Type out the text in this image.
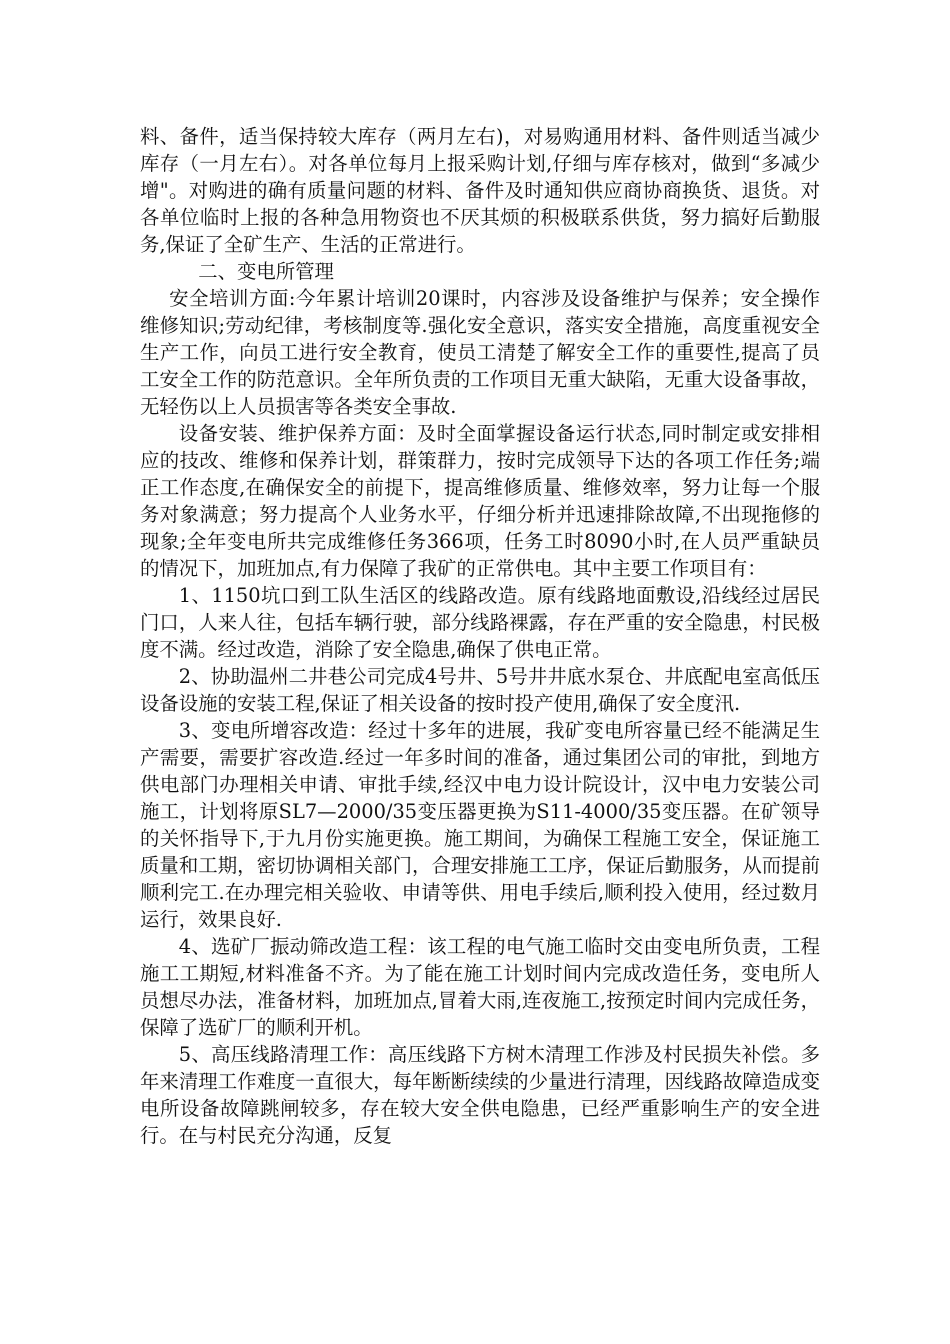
料、备件，适当保持较大库存（两月左右)，对易购通用材料、备件则适当减少库存（一月左右）。对各单位每月上报采购计划,仔细与库存核对，做到“多减少增"。对购进的确有质量问题的材料、备件及时通知供应商协商换货、退货。对各单位临时上报的各种急用物资也不厌其烦的积极联系供货，努力搞好后勤服务,保证了全矿生产、生活的正常进行。

二、变电所管理

安全培训方面:今年累计培训20课时，内容涉及设备维护与保养；安全操作维修知识;劳动纪律，考核制度等.强化安全意识，落实安全措施，高度重视安全生产工作，向员工进行安全教育，使员工清楚了解安全工作的重要性,提高了员工安全工作的防范意识。全年所负责的工作项目无重大缺陷，无重大设备事故，无轻伤以上人员损害等各类安全事故.

设备安装、维护保养方面：及时全面掌握设备运行状态,同时制定或安排相应的技改、维修和保养计划，群策群力，按时完成领导下达的各项工作任务;端正工作态度,在确保安全的前提下，提高维修质量、维修效率，努力让每一个服务对象满意；努力提高个人业务水平，仔细分析并迅速排除故障,不出现拖修的现象;全年变电所共完成维修任务366项，任务工时8090小时,在人员严重缺员的情况下，加班加点,有力保障了我矿的正常供电。其中主要工作项目有：

1、1150坑口到工队生活区的线路改造。原有线路地面敷设,沿线经过居民门口，人来人往，包括车辆行驶，部分线路裸露，存在严重的安全隐患，村民极度不满。经过改造，消除了安全隐患,确保了供电正常。

2、协助温州二井巷公司完成4号井、5号井井底水泵仓、井底配电室高低压设备设施的安装工程,保证了相关设备的按时投产使用,确保了安全度汛.

3、变电所增容改造：经过十多年的进展，我矿变电所容量已经不能满足生产需要，需要扩容改造.经过一年多时间的准备，通过集团公司的审批，到地方供电部门办理相关申请、审批手续,经汉中电力设计院设计，汉中电力安装公司施工，计划将原SL7—2000/35变压器更换为S11-4000/35变压器。在矿领导的关怀指导下,于九月份实施更换。施工期间，为确保工程施工安全，保证施工质量和工期，密切协调相关部门，合理安排施工工序，保证后勤服务，从而提前顺利完工.在办理完相关验收、申请等供、用电手续后,顺利投入使用，经过数月运行，效果良好.

4、选矿厂振动筛改造工程：该工程的电气施工临时交由变电所负责，工程施工工期短,材料准备不齐。为了能在施工计划时间内完成改造任务，变电所人员想尽办法，准备材料，加班加点,冒着大雨,连夜施工,按预定时间内完成任务，保障了选矿厂的顺利开机。

5、高压线路清理工作：高压线路下方树木清理工作涉及村民损失补偿。多年来清理工作难度一直很大，每年断断续续的少量进行清理，因线路故障造成变电所设备故障跳闸较多，存在较大安全供电隐患，已经严重影响生产的安全进行。在与村民充分沟通，反复
